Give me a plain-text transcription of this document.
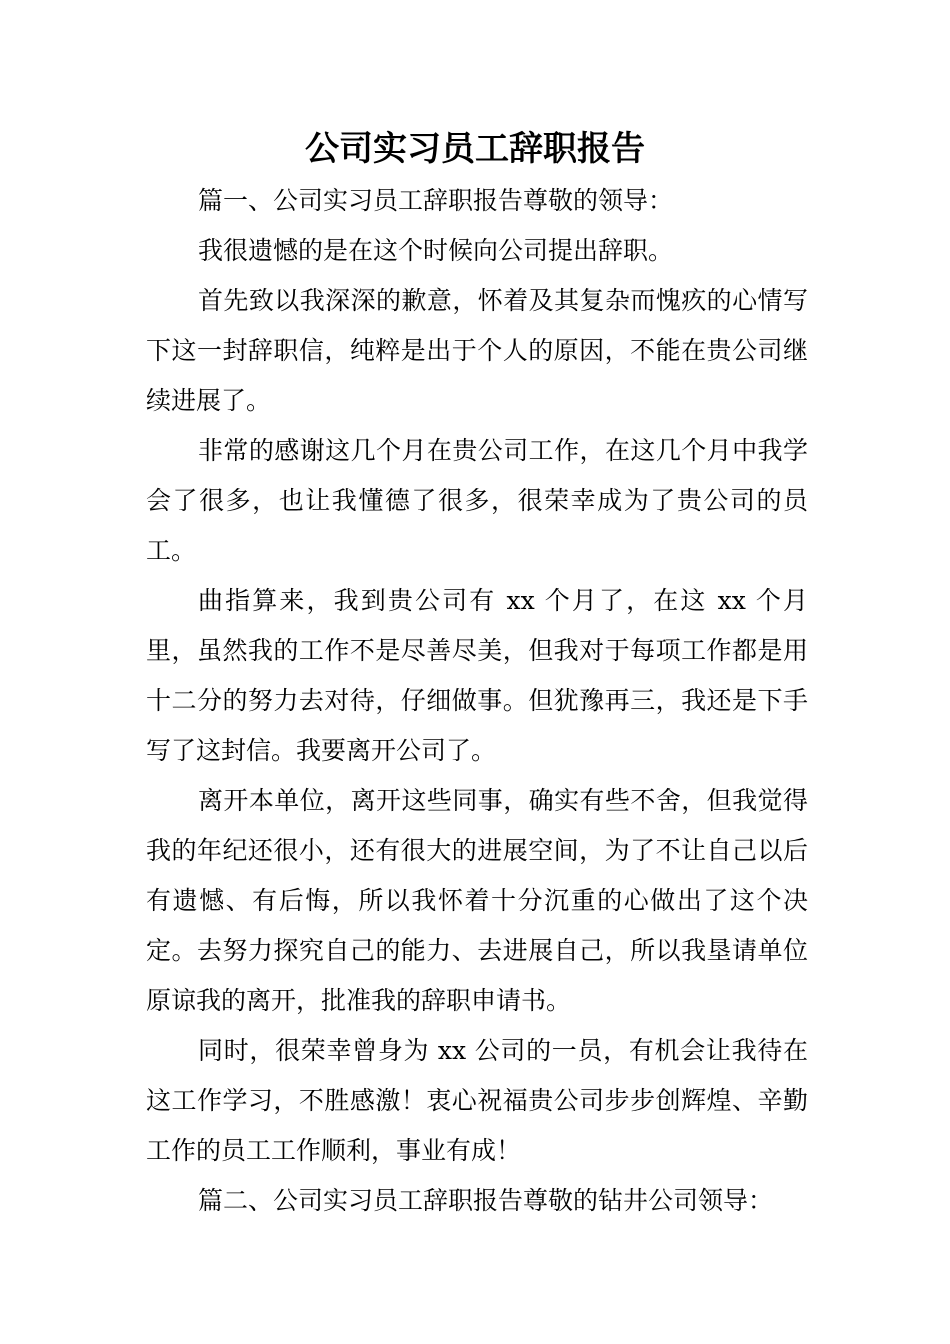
公司实习员工辞职报告

篇一、公司实习员工辞职报告尊敬的领导：

我很遗憾的是在这个时候向公司提出辞职。

首先致以我深深的歉意，怀着及其复杂而愧疚的心情写下这一封辞职信，纯粹是出于个人的原因，不能在贵公司继续进展了。

非常的感谢这几个月在贵公司工作，在这几个月中我学会了很多，也让我懂德了很多，很荣幸成为了贵公司的员工。

曲指算来，我到贵公司有 xx 个月了，在这 xx 个月里，虽然我的工作不是尽善尽美，但我对于每项工作都是用十二分的努力去对待，仔细做事。但犹豫再三，我还是下手写了这封信。我要离开公司了。

离开本单位，离开这些同事，确实有些不舍，但我觉得我的年纪还很小，还有很大的进展空间，为了不让自己以后有遗憾、有后悔，所以我怀着十分沉重的心做出了这个决定。去努力探究自己的能力、去进展自己，所以我垦请单位原谅我的离开，批准我的辞职申请书。

同时，很荣幸曾身为 xx 公司的一员，有机会让我待在这工作学习，不胜感激！衷心祝福贵公司步步创辉煌、辛勤工作的员工工作顺利，事业有成！

篇二、公司实习员工辞职报告尊敬的钻井公司领导：
